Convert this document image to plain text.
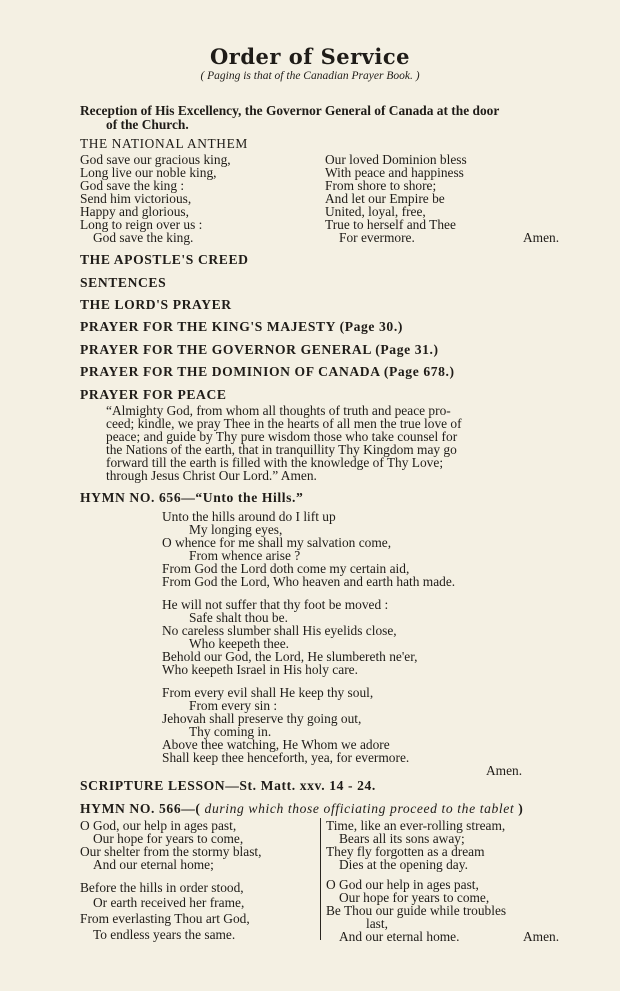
Order of Service
( Paging is that of the Canadian Prayer Book. )
Reception of His Excellency, the Governor General of Canada at the door
of the Church.
THE NATIONAL ANTHEM
God save our gracious king,
Long live our noble king,
God save the king :
Send him victorious,
Happy and glorious,
Long to reign over us :
God save the king.
Our loved Dominion bless
With peace and happiness
From shore to shore;
And let our Empire be
United, loyal, free,
True to herself and Thee
For evermore.	Amen.
THE APOSTLE'S CREED
SENTENCES
THE LORD'S PRAYER
PRAYER FOR THE KING'S MAJESTY (Page 30.)
PRAYER FOR THE GOVERNOR GENERAL (Page 31.)
PRAYER FOR THE DOMINION OF CANADA (Page 678.)
PRAYER FOR PEACE
“Almighty God, from whom all thoughts of truth and peace pro-
ceed; kindle, we pray Thee in the hearts of all men the true love of
peace; and guide by Thy pure wisdom those who take counsel for
the Nations of the earth, that in tranquillity Thy Kingdom may go
forward till the earth is filled with the knowledge of Thy Love;
through Jesus Christ Our Lord.” Amen.
HYMN NO. 656—“Unto the Hills.”
Unto the hills around do I lift up
My longing eyes,
O whence for me shall my salvation come,
From whence arise ?
From God the Lord doth come my certain aid,
From God the Lord, Who heaven and earth hath made.
He will not suffer that thy foot be moved :
Safe shalt thou be.
No careless slumber shall His eyelids close,
Who keepeth thee.
Behold our God, the Lord, He slumbereth ne'er,
Who keepeth Israel in His holy care.
From every evil shall He keep thy soul,
From every sin :
Jehovah shall preserve thy going out,
Thy coming in.
Above thee watching, He Whom we adore
Shall keep thee henceforth, yea, for evermore.
Amen.
SCRIPTURE LESSON—St. Matt. xxv. 14 - 24.
HYMN NO. 566—( during which those officiating proceed to the tablet )
O God, our help in ages past,
Our hope for years to come,
Our shelter from the stormy blast,
And our eternal home;
Before the hills in order stood,
Or earth received her frame,
From everlasting Thou art God,
To endless years the same.
Time, like an ever-rolling stream,
Bears all its sons away;
They fly forgotten as a dream
Dies at the opening day.
O God our help in ages past,
Our hope for years to come,
Be Thou our guide while troubles
last,
And our eternal home.	Amen.
